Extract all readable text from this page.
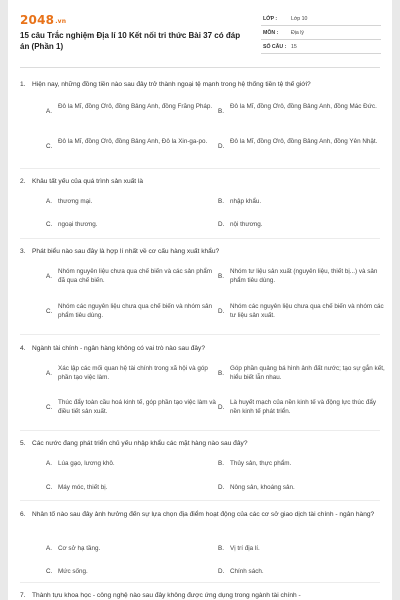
2048.vn
15 câu Trắc nghiệm Địa lí 10 Kết nối tri thức Bài 37 có đáp án (Phần 1)
LỚP :	Lớp 10
MÔN : Địa lý
SỐ CÂU : 15
1. Hiện nay, những đồng tiền nào sau đây trở thành ngoại tệ mạnh trong hệ thống tiền tệ thế giới?
A.
Đô la Mĩ, đồng Ơrô, đồng Bảng Anh, đồng Frăng Pháp.
B.
Đô la Mĩ, đồng Ơrô, đồng Bảng Anh, đồng Mác Đức.
C.
Đô la Mĩ, đồng Ơrô, đồng Bảng Anh, Đô la Xin-ga-po.
D.
Đô la Mĩ, đồng Ơrô, đồng Bảng Anh, đồng Yên Nhật.
2. Khâu tất yếu của quá trình sản xuất là
A. thương mại.	B. nhập khẩu.
C. ngoại thương.	D. nội thương.
3. Phát biểu nào sau đây là hợp lí nhất về cơ cấu hàng xuất khẩu?
A.
Nhóm nguyên liệu chưa qua chế biến và các sản phẩm đã qua chế biến.
B.
Nhóm tư liệu sản xuất (nguyên liệu, thiết bị...) và sản phẩm tiêu dùng.
C.
Nhóm các nguyên liệu chưa qua chế biến và nhóm sản phẩm tiêu dùng.
D.
Nhóm các nguyên liệu chưa qua chế biến và nhóm các tư liệu sản xuất.
4. Ngành tài chính - ngân hàng không có vai trò nào sau đây?
A.
Xác lập các mối quan hệ tài chính trong xã hội và góp phần tạo việc làm.
B.
Góp phần quảng bá hình ảnh đất nước; tạo sự gắn kết, hiểu biết lẫn nhau.
C.
Thúc đẩy toàn cầu hoá kinh tế, góp phần tạo việc làm và điều tiết sản xuất.
D.
Là huyết mạch của nền kinh tế và động lực thúc đẩy nền kinh tế phát triển.
5. Các nước đang phát triển chủ yếu nhập khẩu các mặt hàng nào sau đây?
A. Lúa gạo, lương khô.	B. Thủy sản, thực phẩm.
C. Máy móc, thiết bị.	D. Nông sản, khoáng sản.
6. Nhân tố nào sau đây ảnh hưởng đến sự lựa chọn địa điểm hoạt động của các cơ sở giao dịch tài chính - ngân hàng?
A. Cơ sở hạ tầng.	B. Vị trí địa lí.
C. Mức sống.	D. Chính sách.
7. Thành tựu khoa học - công nghệ nào sau đây không được ứng dụng trong ngành tài chính -
